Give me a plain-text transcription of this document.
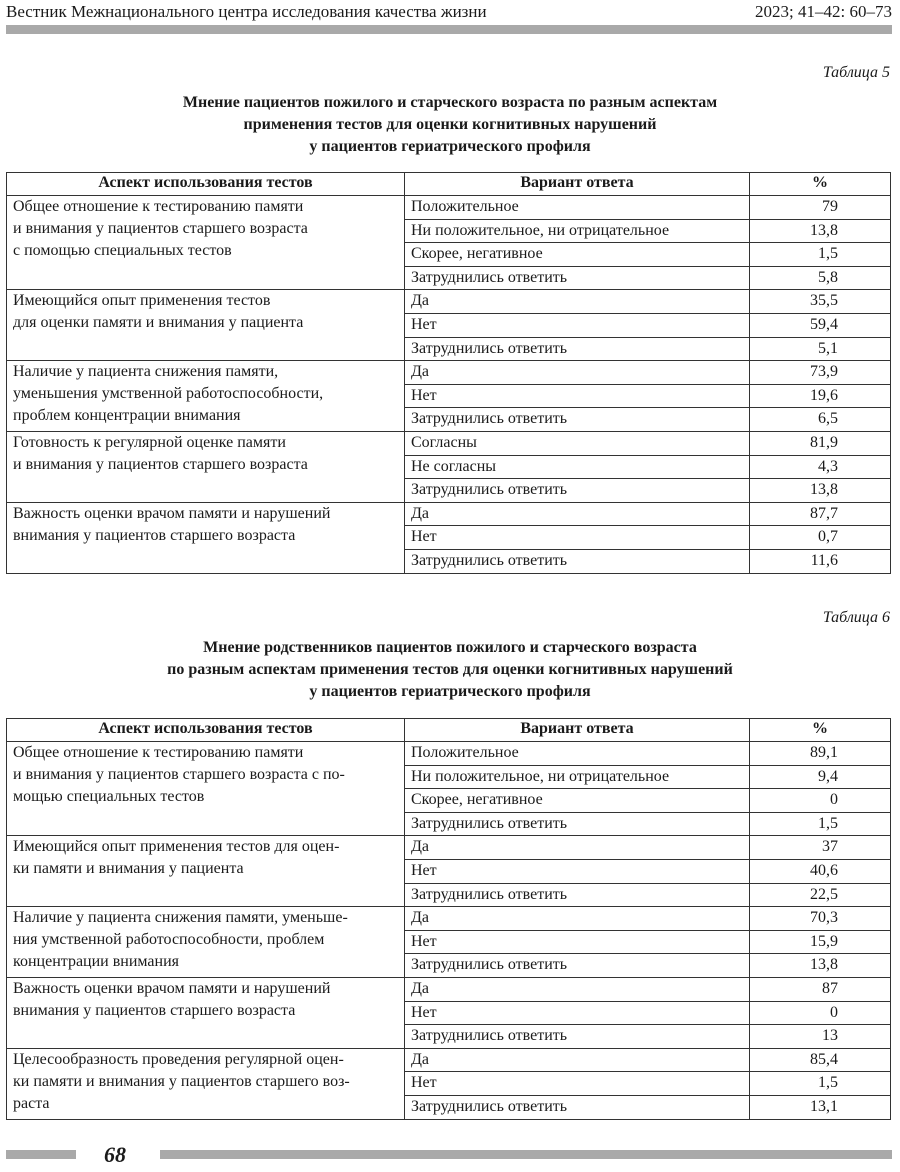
Вестник Межнационального центра исследования качества жизни	2023; 41–42: 60–73
Таблица 5
Мнение пациентов пожилого и старческого возраста по разным аспектам
применения тестов для оценки когнитивных нарушений
у пациентов гериатрического профиля
Аспект использования тестов	Вариант ответа	%

Общее отношение к тестированию памяти
и внимания у пациентов старшего возраста
с помощью специальных тестов	Положительное	79
	Ни положительное, ни отрицательное	13,8
	Скорее, негативное	1,5
	Затруднились ответить	5,8

Имеющийся опыт применения тестов
для оценки памяти и внимания у пациента	Да	35,5
	Нет	59,4
	Затруднились ответить	5,1

Наличие у пациента снижения памяти,
уменьшения умственной работоспособности,
проблем концентрации внимания	Да	73,9
	Нет	19,6
	Затруднились ответить	6,5

Готовность к регулярной оценке памяти
и внимания у пациентов старшего возраста	Согласны	81,9
	Не согласны	4,3
	Затруднились ответить	13,8

Важность оценки врачом памяти и нарушений
внимания у пациентов старшего возраста	Да	87,7
	Нет	0,7
	Затруднились ответить	11,6
Таблица 6
Мнение родственников пациентов пожилого и старческого возраста
по разным аспектам применения тестов для оценки когнитивных нарушений
у пациентов гериатрического профиля
Аспект использования тестов	Вариант ответа	%

Общее отношение к тестированию памяти
и внимания у пациентов старшего возраста с по-
мощью специальных тестов	Положительное	89,1
	Ни положительное, ни отрицательное	9,4
	Скорее, негативное	0
	Затруднились ответить	1,5

Имеющийся опыт применения тестов для оцен-
ки памяти и внимания у пациента	Да	37
	Нет	40,6
	Затруднились ответить	22,5

Наличие у пациента снижения памяти, уменьше-
ния умственной работоспособности, проблем
концентрации внимания	Да	70,3
	Нет	15,9
	Затруднились ответить	13,8

Важность оценки врачом памяти и нарушений
внимания у пациентов старшего возраста	Да	87
	Нет	0
	Затруднились ответить	13

Целесообразность проведения регулярной оцен-
ки памяти и внимания у пациентов старшего воз-
раста	Да	85,4
	Нет	1,5
	Затруднились ответить	13,1
68
